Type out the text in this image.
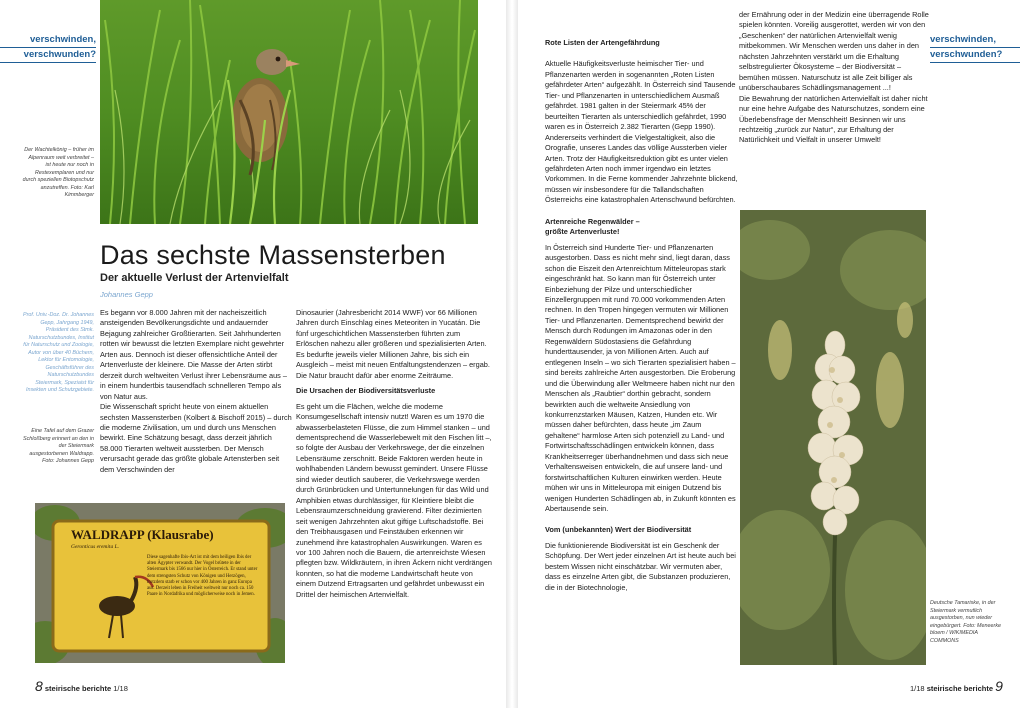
verschwinden,
verschwunden?
Der Wachtelkönig – früher im Alpenraum weit verbreitet – ist heute nur noch in Restexemplaren und nur durch speziellen Biotopschutz anzutreffen. Foto: Karl Kimmberger
Das sechste Massensterben
Der aktuelle Verlust der Artenvielfalt
Johannes Gepp
Prof. Univ.-Doz. Dr. Johannes Gepp, Jahrgang 1949, Präsident des Stmk. Naturschutzbundes, Institut für Naturschutz und Zoologie, Autor von über 40 Büchern, Lektor für Entomologie, Geschäftsführer des Naturschutzbundes Steiermark, Speziaist für Insekten und Schutzgebiete.
Eine Tafel auf dem Grazer Schloßberg erinnert an den in der Steiermark ausgestorbenen Waldrapp. Foto: Johannes Gepp

Es begann vor 8.000 Jahren mit der nacheiszeitlich ansteigenden Bevölkerungsdichte und andauernder Bejagung zahlreicher Großtierarten. Seit Jahrhunderten rotten wir bewusst die letzten Exemplare nicht gewehrter Arten aus. Dennoch ist dieser offensichtliche Anteil der Artenverluste der kleinere. Die Masse der Arten stirbt derzeit durch weltweiten Verlust ihrer Lebensräume aus – in einem hundertbis tausendfach schnelleren Tempo als von Natur aus.

Die Wissenschaft spricht heute von einem aktuellen sechsten Massensterben (Kolbert & Bischoff 2015) – durch die moderne Zivilisation, um und durch uns Menschen bewirkt. Eine Schätzung besagt, dass derzeit jährlich 58.000 Tierarten weltweit aussterben. Der Mensch verursacht gerade das größte globale Artensterben seit dem Verschwinden der

Dinosaurier (Jahresbericht 2014 WWF) vor 66 Millionen Jahren durch Einschlag eines Meteoriten in Yucatán. Die fünf urgeschichtlichen Massensterben führten zum Erlöschen nahezu aller größeren und spezialisierten Arten. Es bedurfte jeweils vieler Millionen Jahre, bis sich ein Ausgleich – meist mit neuen Entfaltungstendenzen – ergab. Die Natur braucht dafür aber enorme Zeiträume.

Die Ursachen der Biodiversitätsverluste

Es geht um die Flächen, welche die moderne Konsumgesellschaft intensiv nutzt! Waren es um 1970 die abwasserbelasteten Flüsse, die zum Himmel stanken – und dementsprechend die Wasserlebewelt mit den Fischen litt –, so folgte der Ausbau der Verkehrswege, der die einzelnen Lebensräume zerschnitt. Beide Faktoren werden heute in wohlhabenden Ländern bewusst gemindert. Unsere Flüsse sind wieder deutlich sauberer, die Verkehrswege werden durch Grünbrücken und Untertunnelungen für das Wild und Amphibien etwas durchlässiger, für Kleintiere bleibt die Lebensraumzerschneidung gravierend. Filter dezimierten seit wenigen Jahrzehnten akut giftige Luftschadstoffe. Bei den Treibhausgasen und Feinstäuben erkennen wir zunehmend ihre katastrophalen Auswirkungen. Waren es vor 100 Jahren noch die Bauern, die artenreichste Wiesen pflegten bzw. Wildkräutern, in ihren Äckern nicht verdrängen konnten, so hat die moderne Landwirtschaft heute von einem Dutzend Ertragsarten und gefährdet unbewusst ein Drittel der heimischen Artenvielfalt.

WALDRAPP (Klausrabe)
Geronticus eremita L.
Diese sagenhafte Ibis-Art ist mit dem heiligen Ibis der alten Ägypter verwandt. Der Vogel brütete in der Steiermark bis 1566 nur hier in Österreich. Er stand unter dem strengsten Schutz von Königen und Herzögen, trotzdem starb er schon vor 400 Jahren in ganz Europa aus. Derzeit leben in Freiheit weltweit nur noch ca. 150 Paare in Nordafrika und möglicherweise noch in Jemen.
8 steirische berichte 1/18

Rote Listen der Artengefährdung

Aktuelle Häufigkeitsverluste heimischer Tier- und Pflanzenarten werden in sogenannten „Roten Listen gefährdeter Arten“ aufgezählt. In Österreich sind Tausende Tier- und Pflanzenarten in unterschiedlichem Ausmaß gefährdet. 1981 galten in der Steiermark 45% der beurteilten Tierarten als unterschiedlich gefährdet, 1990 waren es in Österreich 2.382 Tierarten (Gepp 1990). Andererseits verhindert die Vielgestaltigkeit, also die Orografie, unseres Landes das völlige Aussterben vieler Arten. Trotz der Häufigkeitsreduktion gibt es unter vielen gefährdeten Arten noch immer irgendwo ein letztes Vorkommen. In die Ferne kommender Jahrzehnte blickend, müssen wir insbesondere für die Tallandschaften Österreichs eine katastrophalen Artenschwund befürchten.

Artenreiche Regenwälder –

größte Artenverluste!

In Österreich sind Hunderte Tier- und Pflanzenarten ausgestorben. Dass es nicht mehr sind, liegt daran, dass schon die Eiszeit den Artenreichtum Mitteleuropas stark eingeschränkt hat. So kann man für Österreich unter Einbeziehung der Pilze und unterschiedlicher Einzellergruppen mit rund 70.000 vorkommenden Arten rechnen. In den Tropen hingegen vermuten wir Millionen Tier- und Pflanzenarten. Dementsprechend bewirkt der Mensch durch Rodungen im Amazonas oder in den Regenwäldern Südostasiens die Gefährdung hunderttausender, ja von Millionen Arten. Auch auf entlegenen Inseln – wo sich Tierarten spezialisiert haben – sind bereits zahlreiche Arten ausgestorben. Die Eroberung und die Überwindung aller Weltmeere haben nicht nur den Menschen als „Raubtier“ dorthin gebracht, sondern bewirkten auch die weltweite Ansiedlung von konkurrenzstarken Mäusen, Katzen, Hunden etc. Wir müssen daher befürchten, dass heute „im Zaum gehaltene“ harmlose Arten sich potenziell zu Land- und Fortwirtschaftsschädlingen entwickeln können, dass Krankheitserreger überhandnehmen und dass sich neue Verhaltensweisen entwickeln, die auf unsere land- und forstwirtschaftlichen Kulturen einwirken werden. Heute mühen wir uns in Mitteleuropa mit einigen Dutzend bis wenigen Hunderten Schädlingen ab, in Zukunft könnten es Abertausende sein.

Vom (unbekannten) Wert der Biodiversität

Die funktionierende Biodiversität ist ein Geschenk der Schöpfung. Der Wert jeder einzelnen Art ist heute auch bei bestem Wissen nicht einschätzbar. Wir vermuten aber, dass es einzelne Arten gibt, die Substanzen produzieren, die in der Biotechnologie,

der Ernährung oder in der Medizin eine überragende Rolle spielen könnten. Voreilig ausgerottet, werden wir von den „Geschenken“ der natürlichen Artenvielfalt wenig mitbekommen. Wir Menschen werden uns daher in den nächsten Jahrzehnten verstärkt um die Erhaltung selbstregulierter Ökosysteme – der Biodiversität – bemühen müssen. Naturschutz ist alle Zeit billiger als unüberschaubares Schädlingsmanagement ...!

Die Bewahrung der natürlichen Artenvielfalt ist daher nicht nur eine hehre Aufgabe des Naturschutzes, sondern eine Überlebensfrage der Menschheit! Besinnen wir uns rechtzeitig „zurück zur Natur“, zur Erhaltung der Natürlichkeit und Vielfalt in unserer Umwelt!

Deutsche Tamariske, in der Steiermark vermutlich ausgestorben, nun wieder eingebürgert. Foto: Meneerke bloem / WIKIMEDIA COMMONS
1/18 steirische berichte 9
verschwinden,
verschwunden?
